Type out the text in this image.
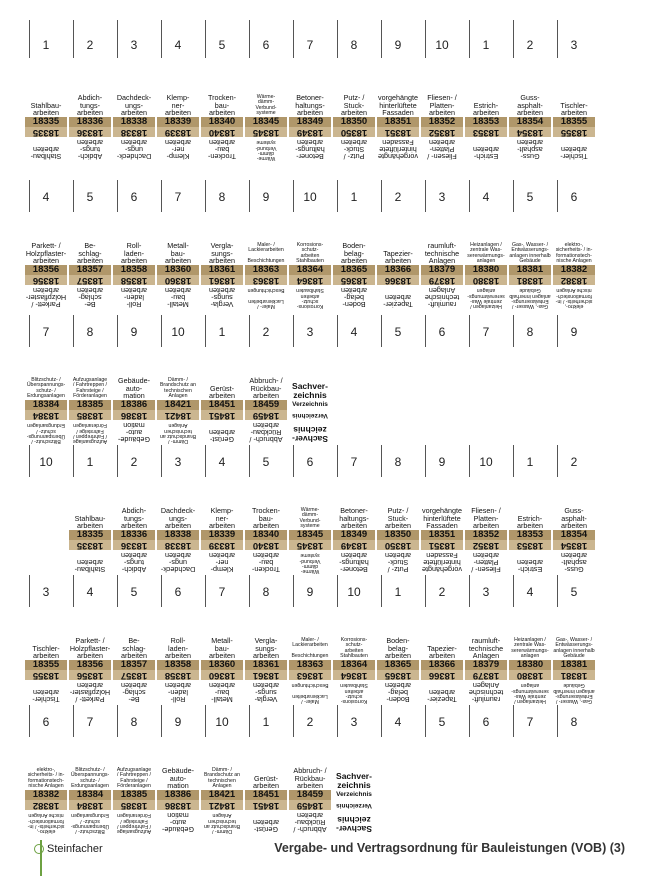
1
Stahlbau-
arbeiten
18335
18335
Stahlbau-
arbeiten
2
Abdich-
tungs-
arbeiten
18336
18336
Abdich-
tungs-
arbeiten
3
Dachdeck-
ungs-
arbeiten
18338
18338
Dachdeck-
ungs-
arbeiten
4
Klemp-
ner-
arbeiten
18339
18339
Klemp-
ner-
arbeiten
5
Trocken-
bau-
arbeiten
18340
18340
Trocken-
bau-
arbeiten
6
Wärme-
dämm-
Verbund-
systeme
18345
18345
Wärme-
dämm-
Verbund-
systeme
7
Betoner-
haltungs-
arbeiten
18349
18349
Betoner-
haltungs-
arbeiten
8
Putz- /
Stuck-
arbeiten
18350
18350
Putz- /
Stuck-
arbeiten
9
vorgehängte
hinterlüftete
Fassaden
18351
18351
vorgehängte
hinterlüftete
Fassaden
10
Fliesen- /
Platten-
arbeiten
18352
18352
Fliesen- /
Platten-
arbeiten
1
Estrich-
arbeiten
18353
18353
Estrich-
arbeiten
2
Guss-
asphalt-
arbeiten
18354
18354
Guss-
asphalt-
arbeiten
3
Tischler-
arbeiten
18355
18355
Tischler-
arbeiten
4
Parkett- /
Holzpflaster-
arbeiten
18356
18356
Parkett- /
Holzpflaster-
arbeiten
5
Be-
schlag-
arbeiten
18357
18357
Be-
schlag-
arbeiten
6
Roll-
laden-
arbeiten
18358
18358
Roll-
laden-
arbeiten
7
Metall-
bau-
arbeiten
18360
18360
Metall-
bau-
arbeiten
8
Vergla-
sungs-
arbeiten
18361
18361
Vergla-
sungs-
arbeiten
9
Maler- /
Lackierarbeiten

Beschichtungen
18363
18363
Maler- /
Lackierarbeiten

Beschichtungen
10
Korrosions-
schutz-
arbeiten
Stahlbauten
18364
18364
Korrosions-
schutz-
arbeiten
Stahlbauten
1
Boden-
belag-
arbeiten
18365
18365
Boden-
belag-
arbeiten
2
Tapezier-
arbeiten
18366
18366
Tapezier-
arbeiten
3
raumluft-
technische
Anlagen
18379
18379
raumluft-
technische
Anlagen
4
Heizanlagen /
zentrale Was-
sererwärmungs-
anlagen
18380
18380
Heizanlagen /
zentrale Was-
sererwärmungs-
anlagen
5
Gas-, Wasser- /
Entwässerungs-
anlagen innerhalb
Gebäude
18381
18381
Gas-, Wasser- /
Entwässerungs-
anlagen innerhalb
Gebäude
6
elektro-,
sicherheits- / in-
formationstech-
nische Anlagen
18382
18382
elektro-,
sicherheits- / in-
formationstech-
nische Anlagen
7
Blitzschutz- /
Überspannungs-
schutz- /
Erdungsanlagen
18384
18384
Blitzschutz- /
Überspannungs-
schutz- /
Erdungsanlagen
8
Aufzugsanlage
/ Fahrtreppen /
Fahrsteige /
Förderanlagen
18385
18385
Aufzugsanlage
/ Fahrtreppen /
Fahrsteige /
Förderanlagen
9
Gebäude-
auto-
mation
18386
18386
Gebäude-
auto-
mation
10
Dämm- /
Brandschutz an
technischen
Anlagen
18421
18421
Dämm- /
Brandschutz an
technischen
Anlagen
1
Gerüst-
arbeiten
18451
18451
Gerüst-
arbeiten
2
Abbruch- /
Rückbau-
arbeiten
18459
18459
Abbruch- /
Rückbau-
arbeiten
3
Sachver-
zeichnis
Verzeichnis
Verzeichnis
Sachver-
zeichnis
4	5	6	7	8	9
10	1
Stahlbau-
arbeiten
18335
18335
Stahlbau-
arbeiten
2
Abdich-
tungs-
arbeiten
18336
18336
Abdich-
tungs-
arbeiten
3
Dachdeck-
ungs-
arbeiten
18338
18338
Dachdeck-
ungs-
arbeiten
4
Klemp-
ner-
arbeiten
18339
18339
Klemp-
ner-
arbeiten
5
Trocken-
bau-
arbeiten
18340
18340
Trocken-
bau-
arbeiten
6
Wärme-
dämm-
Verbund-
systeme
18345
18345
Wärme-
dämm-
Verbund-
systeme
7
Betoner-
haltungs-
arbeiten
18349
18349
Betoner-
haltungs-
arbeiten
8
Putz- /
Stuck-
arbeiten
18350
18350
Putz- /
Stuck-
arbeiten
9
vorgehängte
hinterlüftete
Fassaden
18351
18351
vorgehängte
hinterlüftete
Fassaden
10
Fliesen- /
Platten-
arbeiten
18352
18352
Fliesen- /
Platten-
arbeiten
1
Estrich-
arbeiten
18353
18353
Estrich-
arbeiten
2
Guss-
asphalt-
arbeiten
18354
18354
Guss-
asphalt-
arbeiten
3
Tischler-
arbeiten
18355
18355
Tischler-
arbeiten
4
Parkett- /
Holzpflaster-
arbeiten
18356
18356
Parkett- /
Holzpflaster-
arbeiten
5
Be-
schlag-
arbeiten
18357
18357
Be-
schlag-
arbeiten
6
Roll-
laden-
arbeiten
18358
18358
Roll-
laden-
arbeiten
7
Metall-
bau-
arbeiten
18360
18360
Metall-
bau-
arbeiten
8
Vergla-
sungs-
arbeiten
18361
18361
Vergla-
sungs-
arbeiten
9
Maler- /
Lackierarbeiten

Beschichtungen
18363
18363
Maler- /
Lackierarbeiten

Beschichtungen
10
Korrosions-
schutz-
arbeiten
Stahlbauten
18364
18364
Korrosions-
schutz-
arbeiten
Stahlbauten
1
Boden-
belag-
arbeiten
18365
18365
Boden-
belag-
arbeiten
2
Tapezier-
arbeiten
18366
18366
Tapezier-
arbeiten
3
raumluft-
technische
Anlagen
18379
18379
raumluft-
technische
Anlagen
4
Heizanlagen /
zentrale Was-
sererwärmungs-
anlagen
18380
18380
Heizanlagen /
zentrale Was-
sererwärmungs-
anlagen
5
Gas-, Wasser- /
Entwässerungs-
anlagen innerhalb
Gebäude
18381
18381
Gas-, Wasser- /
Entwässerungs-
anlagen innerhalb
Gebäude
6
elektro-,
sicherheits- / in-
formationstech-
nische Anlagen
18382
18382
elektro-,
sicherheits- / in-
formationstech-
nische Anlagen
7
Blitzschutz- /
Überspannungs-
schutz- /
Erdungsanlagen
18384
18384
Blitzschutz- /
Überspannungs-
schutz- /
Erdungsanlagen
8
Aufzugsanlage
/ Fahrtreppen /
Fahrsteige /
Förderanlagen
18385
18385
Aufzugsanlage
/ Fahrtreppen /
Fahrsteige /
Förderanlagen
9
Gebäude-
auto-
mation
18386
18386
Gebäude-
auto-
mation
10
Dämm- /
Brandschutz an
technischen
Anlagen
18421
18421
Dämm- /
Brandschutz an
technischen
Anlagen
1
Gerüst-
arbeiten
18451
18451
Gerüst-
arbeiten
2
Abbruch- /
Rückbau-
arbeiten
18459
18459
Abbruch- /
Rückbau-
arbeiten
3
Sachver-
zeichnis
Verzeichnis
Verzeichnis
Sachver-
zeichnis
4	5	6	7	8
Steinfacher	Vergabe- und Vertragsordnung für Bauleistungen (VOB) (3)
